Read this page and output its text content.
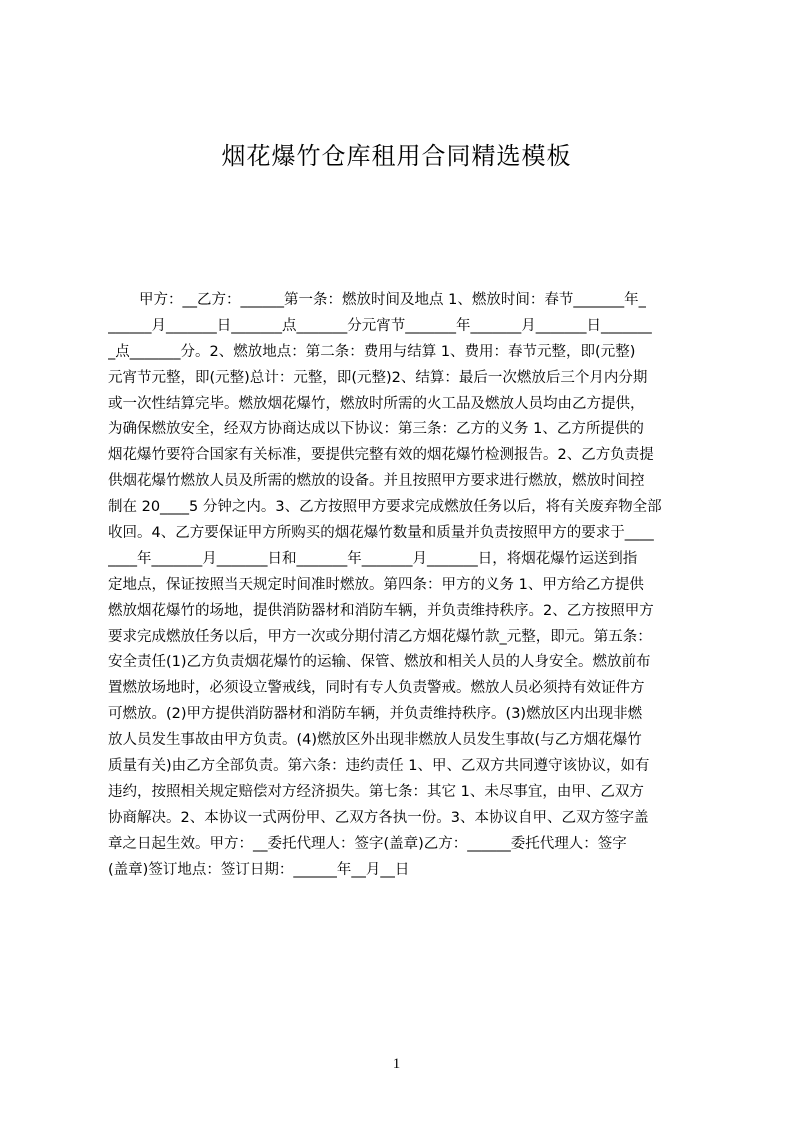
烟花爆竹仓库租用合同精选模板
甲方：__乙方：______第一条：燃放时间及地点 1、燃放时间：春节_______年_
______月_______日_______点_______分元宵节_______年_______月_______日_______
_点_______分。2、燃放地点：第二条：费用与结算 1、费用：春节元整，即(元整)
元宵节元整，即(元整)总计：元整，即(元整)2、结算：最后一次燃放后三个月内分期
或一次性结算完毕。燃放烟花爆竹，燃放时所需的火工品及燃放人员均由乙方提供，
为确保燃放安全，经双方协商达成以下协议：第三条：乙方的义务 1、乙方所提供的
烟花爆竹要符合国家有关标准，要提供完整有效的烟花爆竹检测报告。2、乙方负责提
供烟花爆竹燃放人员及所需的燃放的设备。并且按照甲方要求进行燃放，燃放时间控
制在 20____5 分钟之内。3、乙方按照甲方要求完成燃放任务以后，将有关废弃物全部
收回。4、乙方要保证甲方所购买的烟花爆竹数量和质量并负责按照甲方的要求于____
____年_______月_______日和_______年_______月_______日，将烟花爆竹运送到指
定地点，保证按照当天规定时间准时燃放。第四条：甲方的义务 1、甲方给乙方提供
燃放烟花爆竹的场地，提供消防器材和消防车辆，并负责维持秩序。2、乙方按照甲方
要求完成燃放任务以后，甲方一次或分期付清乙方烟花爆竹款_元整，即元。第五条：
安全责任(1)乙方负责烟花爆竹的运输、保管、燃放和相关人员的人身安全。燃放前布
置燃放场地时，必须设立警戒线，同时有专人负责警戒。燃放人员必须持有效证件方
可燃放。(2)甲方提供消防器材和消防车辆，并负责维持秩序。(3)燃放区内出现非燃
放人员发生事故由甲方负责。(4)燃放区外出现非燃放人员发生事故(与乙方烟花爆竹
质量有关)由乙方全部负责。第六条：违约责任 1、甲、乙双方共同遵守该协议，如有
违约，按照相关规定赔偿对方经济损失。第七条：其它 1、未尽事宜，由甲、乙双方
协商解决。2、本协议一式两份甲、乙双方各执一份。3、本协议自甲、乙双方签字盖
章之日起生效。甲方：__委托代理人：签字(盖章)乙方：______委托代理人：签字
(盖章)签订地点：签订日期：______年__月__日
1
